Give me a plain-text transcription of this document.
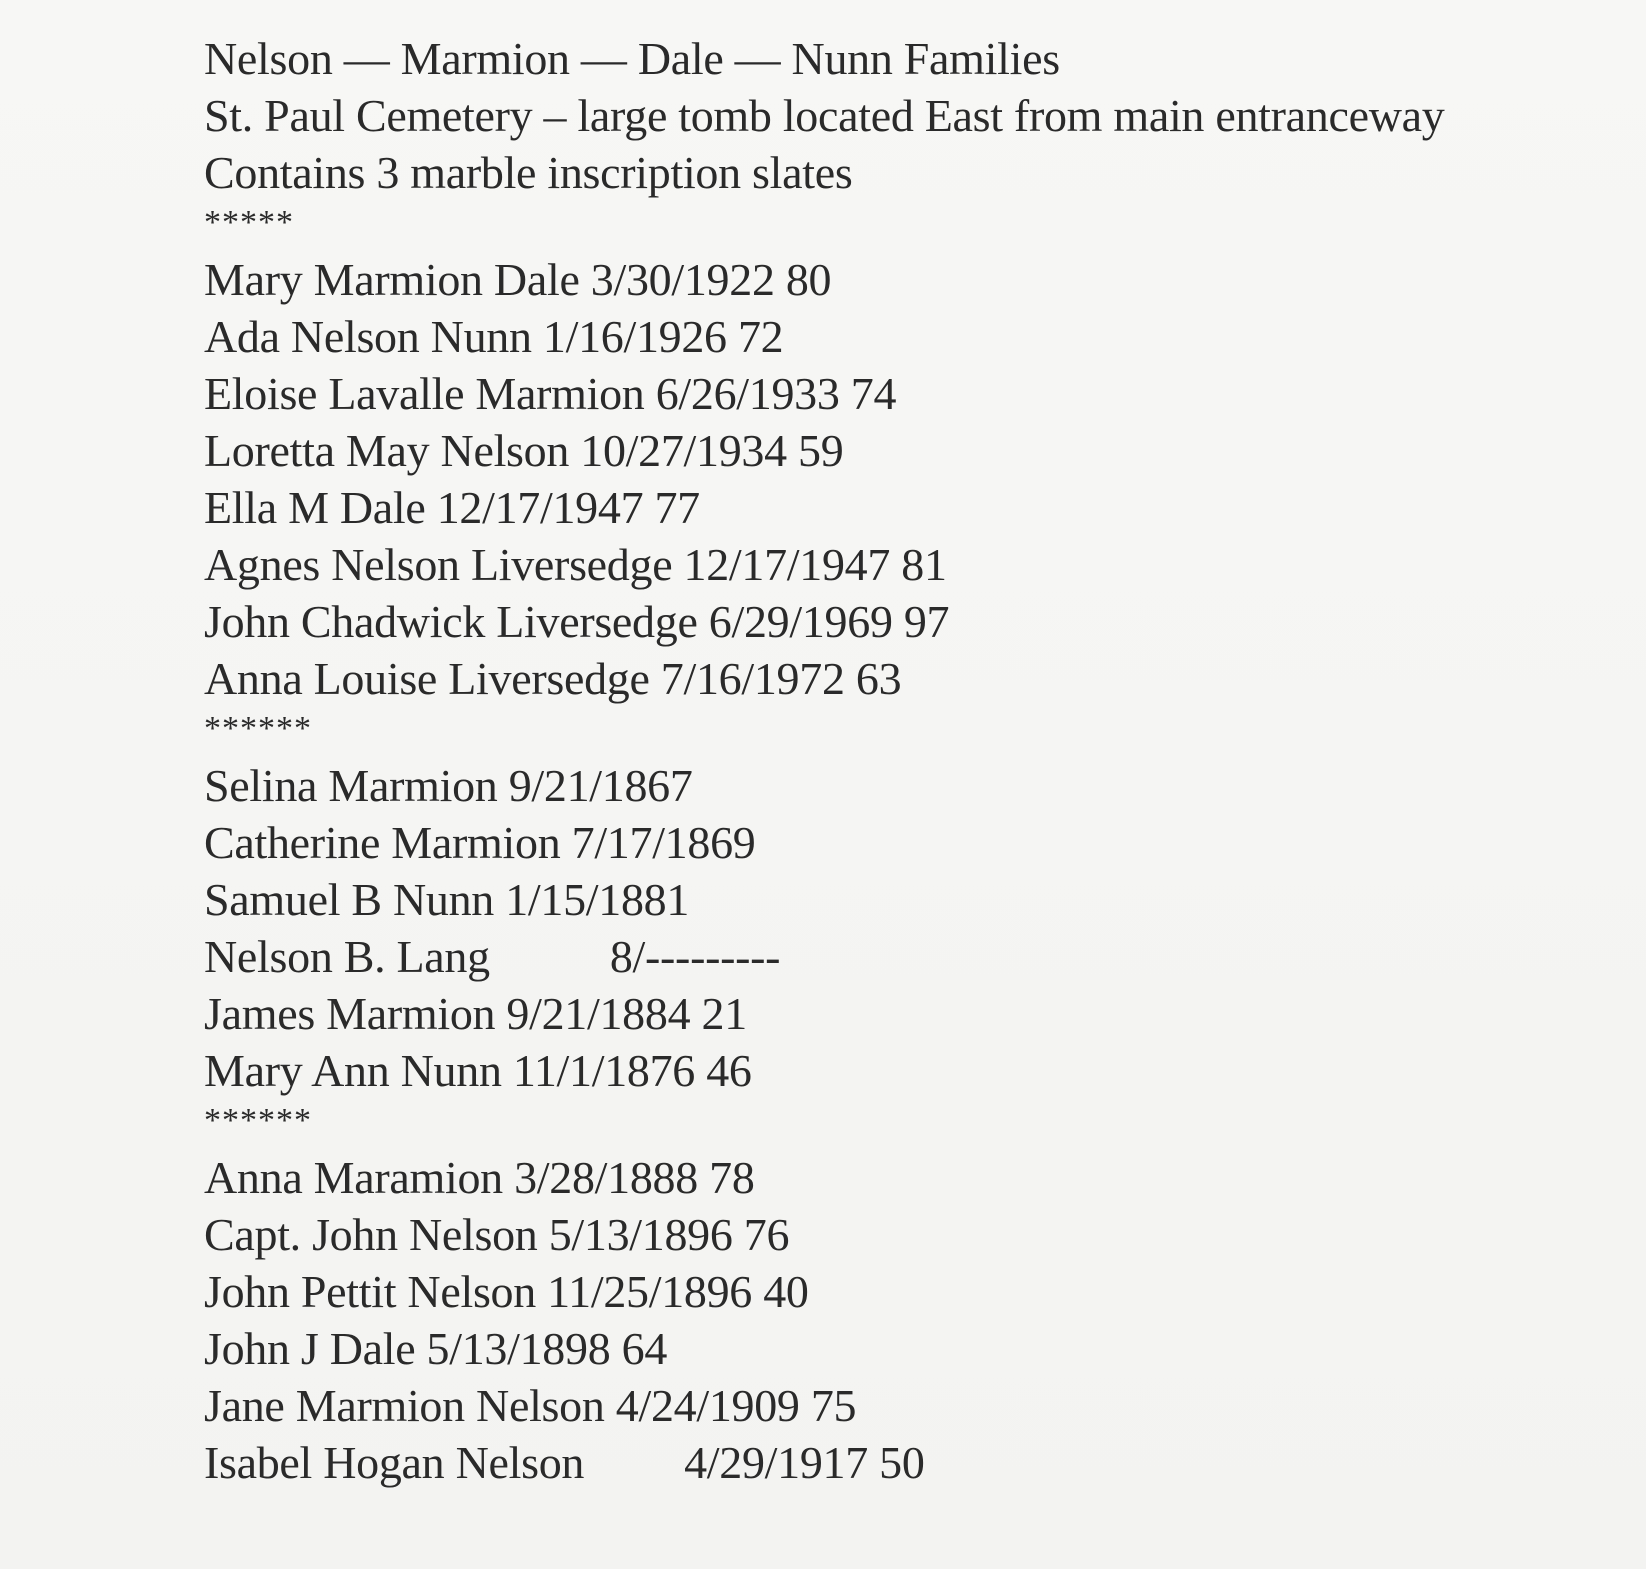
Nelson — Marmion — Dale — Nunn Families
St. Paul Cemetery – large tomb located East from main entranceway
Contains 3 marble inscription slates
*****
Mary Marmion Dale 3/30/1922 80
Ada Nelson Nunn 1/16/1926 72
Eloise Lavalle Marmion 6/26/1933 74
Loretta May Nelson 10/27/1934 59
Ella M Dale 12/17/1947 77
Agnes Nelson Liversedge 12/17/1947 81
John Chadwick Liversedge 6/29/1969 97
Anna Louise Liversedge 7/16/1972 63
******
Selina Marmion 9/21/1867
Catherine Marmion 7/17/1869
Samuel B Nunn 1/15/1881
Nelson B. Lang	8/---------
James Marmion 9/21/1884 21
Mary Ann Nunn 11/1/1876 46
******
Anna Maramion 3/28/1888 78
Capt. John Nelson 5/13/1896 76
John Pettit Nelson 11/25/1896 40
John J Dale 5/13/1898 64
Jane Marmion Nelson 4/24/1909 75
Isabel Hogan Nelson 4/29/1917 50
